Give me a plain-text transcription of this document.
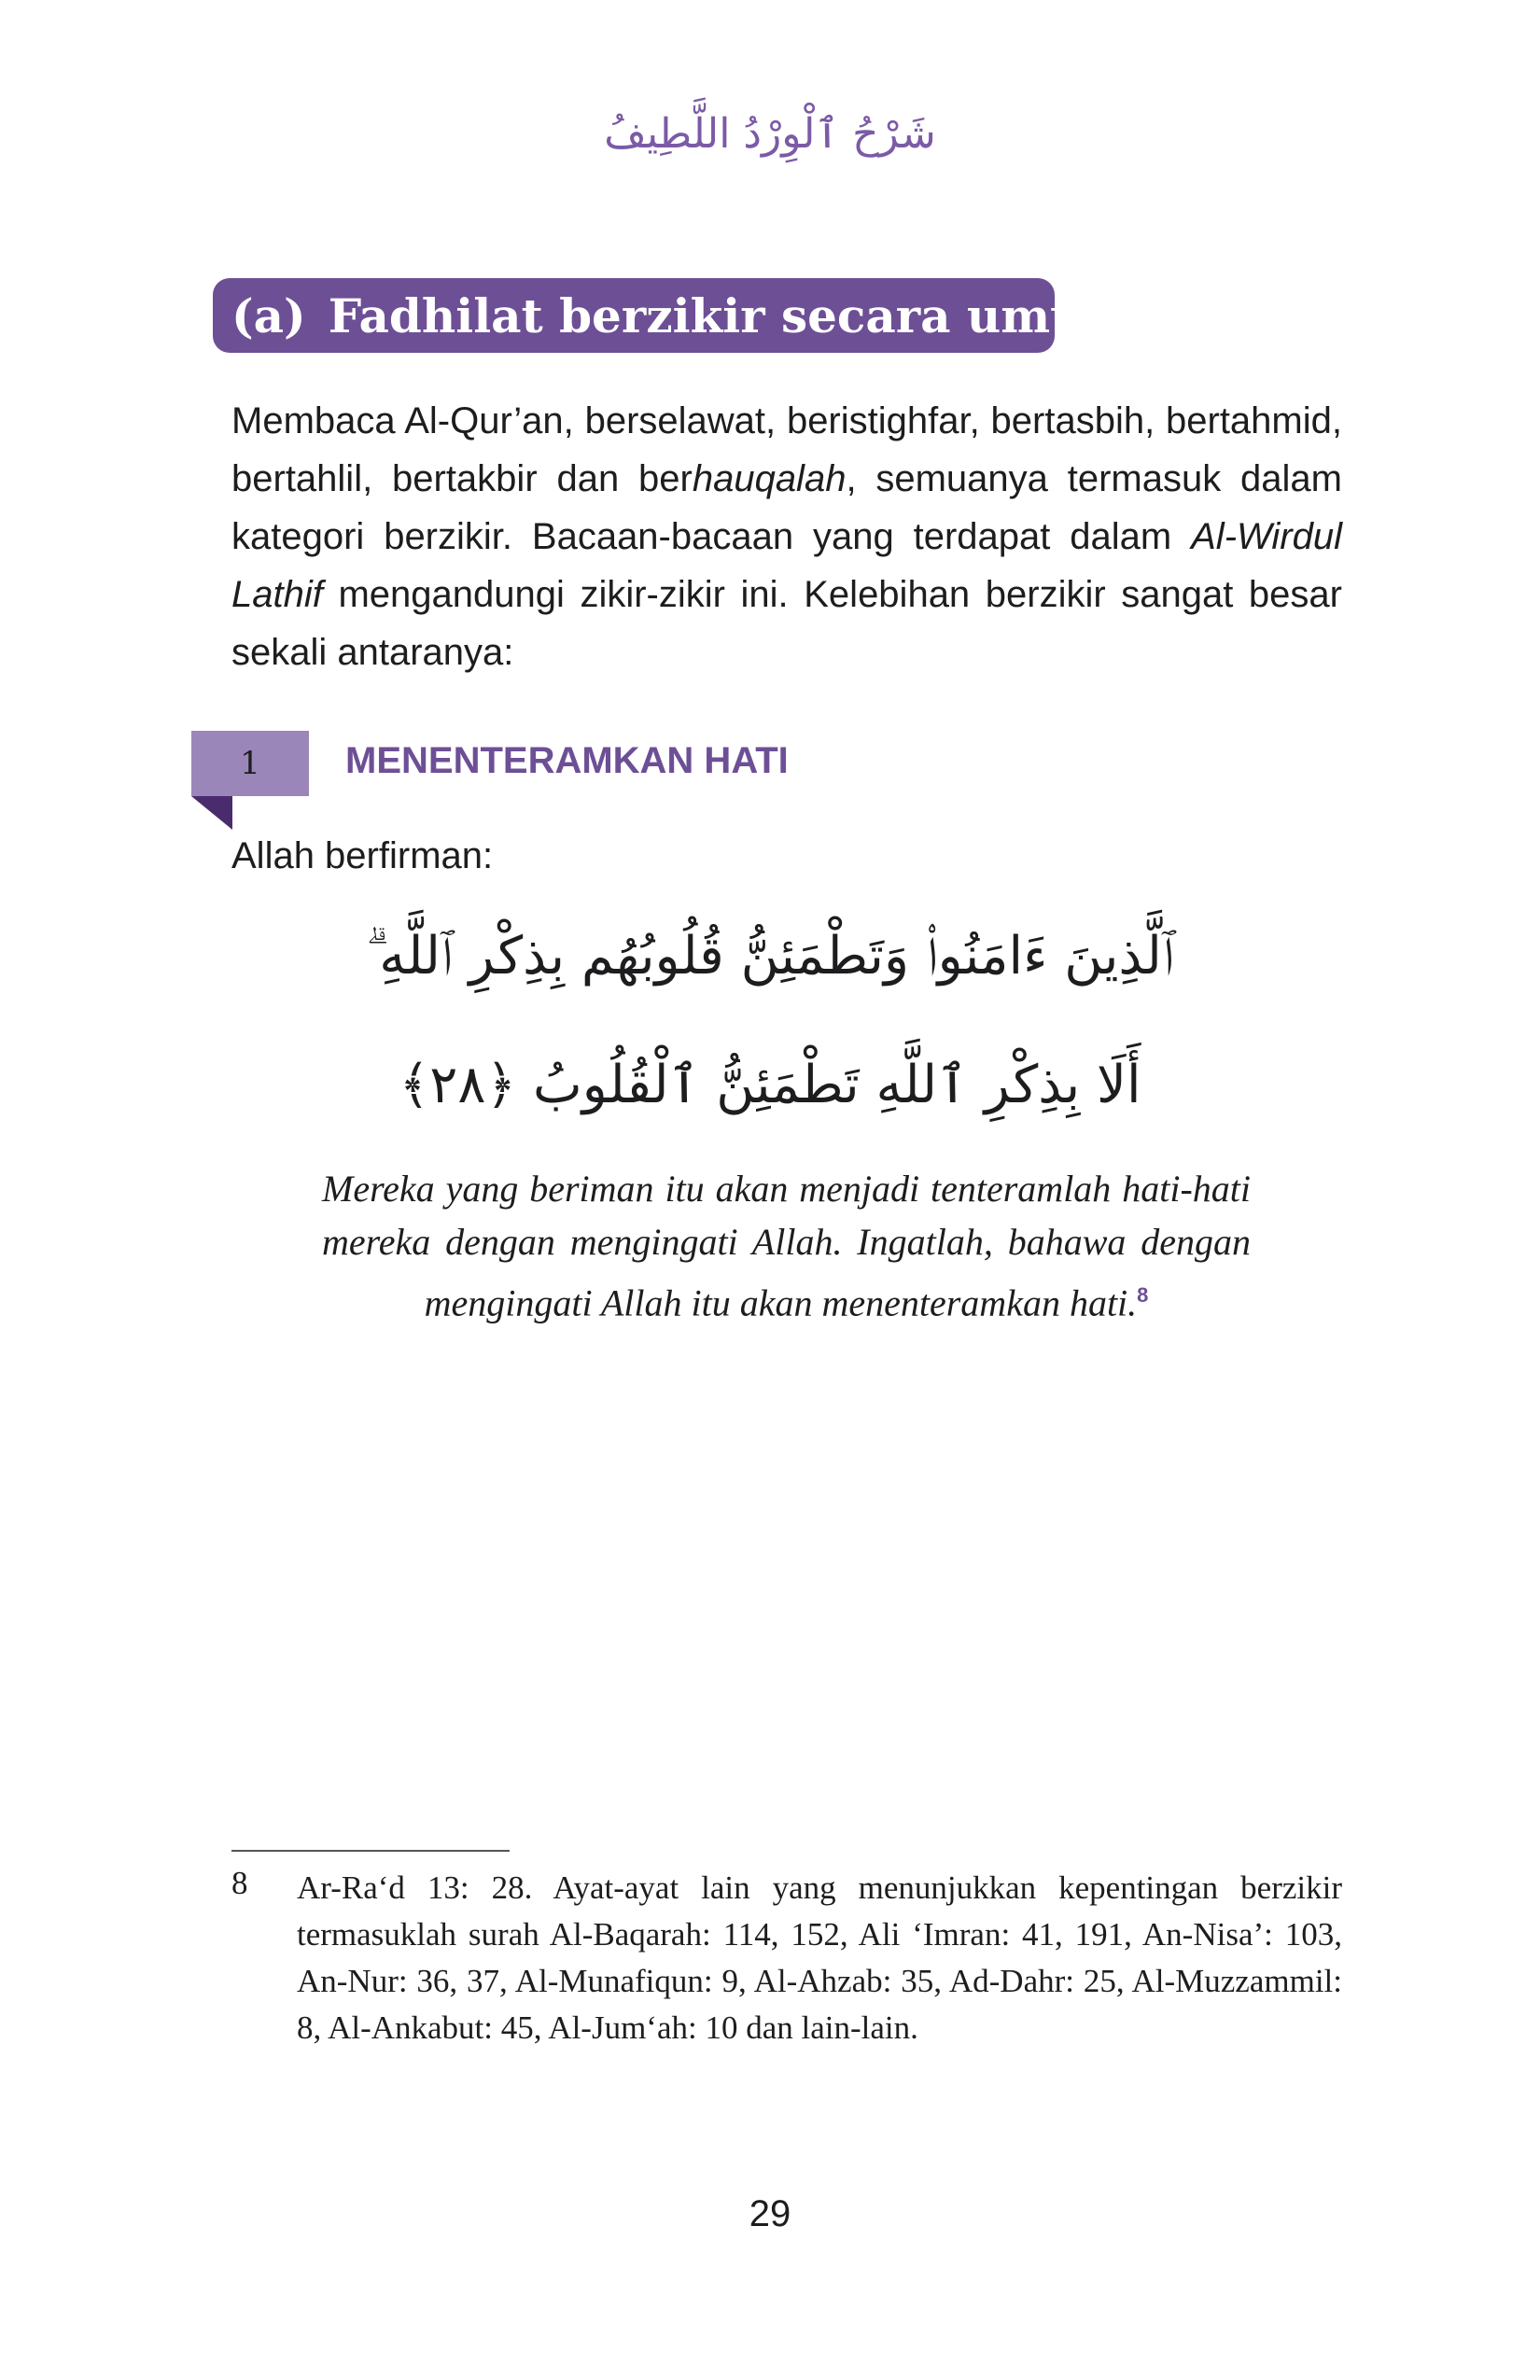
شَرْحُ ٱلْوِرْدُ اللَّطِيفُ
(a) Fadhilat berzikir secara umum

Membaca Al-Qur’an, berselawat, beristighfar, bertasbih, bertahmid, bertahlil, bertakbir dan berhauqalah, semuanya termasuk dalam kategori berzikir. Bacaan-bacaan yang terdapat dalam Al-Wirdul Lathif mengandungi zikir-zikir ini. Kelebihan berzikir sangat besar sekali antaranya:

1 MENENTERAMKAN HATI

Allah berfirman:

ٱلَّذِينَ ءَامَنُوا۟ وَتَطْمَئِنُّ قُلُوبُهُم بِذِكْرِ ٱللَّهِ ۗ
أَلَا بِذِكْرِ ٱللَّهِ تَطْمَئِنُّ ٱلْقُلُوبُ ﴿٢٨﴾

Mereka yang beriman itu akan menjadi tenteramlah hati-hati mereka dengan mengingati Allah. Ingatlah, bahawa dengan mengingati Allah itu akan menenteramkan hati.$^8$

8 Ar-Ra‘d 13: 28. Ayat-ayat lain yang menunjukkan kepentingan berzikir termasuklah surah Al-Baqarah: 114, 152, Ali ‘Imran: 41, 191, An-Nisa’: 103, An-Nur: 36, 37, Al-Munafiqun: 9, Al-Ahzab: 35, Ad-Dahr: 25, Al-Muzzammil: 8, Al-Ankabut: 45, Al-Jum‘ah: 10 dan lain-lain.

29
